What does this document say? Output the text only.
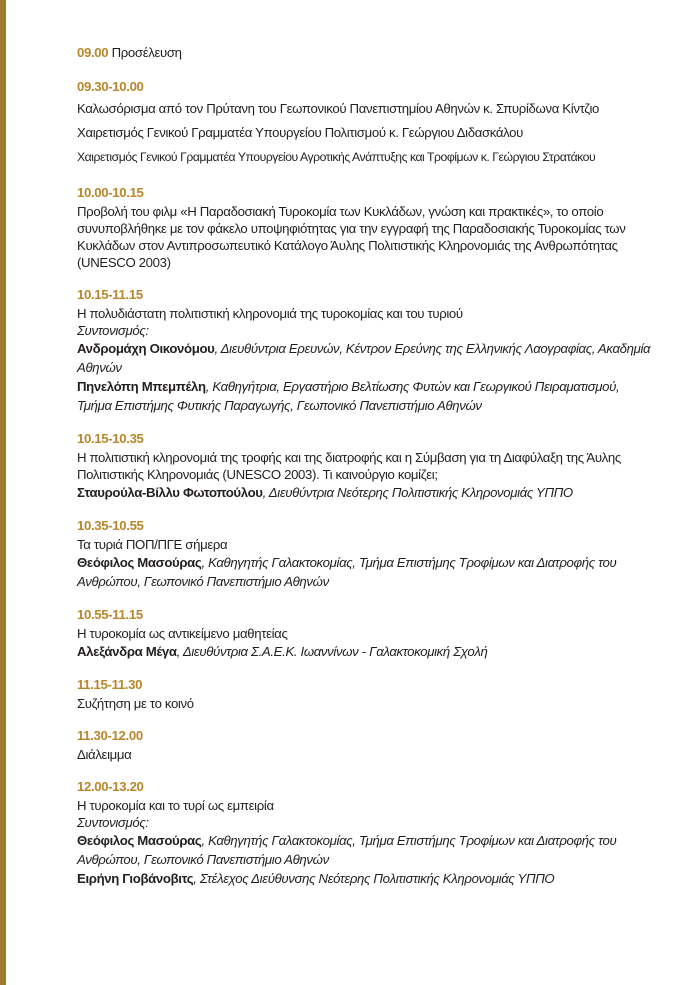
09.00 Προσέλευση
09.30-10.00
Καλωσόρισμα από τον Πρύτανη του Γεωπονικού Πανεπιστημίου Αθηνών κ. Σπυρίδωνα Κίντζιο
Χαιρετισμός Γενικού Γραμματέα Υπουργείου Πολιτισμού κ. Γεώργιου Διδασκάλου
Χαιρετισμός Γενικού Γραμματέα Υπουργείου Αγροτικής Ανάπτυξης και Τροφίμων κ. Γεώργιου Στρατάκου
10.00-10.15
Προβολή του φιλμ «Η Παραδοσιακή Τυροκομία των Κυκλάδων, γνώση και πρακτικές», το οποίο συνυποβλήθηκε με τον φάκελο υποψηφιότητας για την εγγραφή της Παραδοσιακής Τυροκομίας των Κυκλάδων στον Αντιπροσωπευτικό Κατάλογο Άυλης Πολιτιστικής Κληρονομιάς της Ανθρωπότητας (UNESCO 2003)
10.15-11.15
Η πολυδιάστατη πολιτιστική κληρονομιά της τυροκομίας και του τυριού
Συντονισμός:
Ανδρομάχη Οικονόμου, Διευθύντρια Ερευνών, Κέντρον Ερεύνης της Ελληνικής Λαογραφίας, Ακαδημία Αθηνών
Πηνελόπη Μπεμπέλη, Καθηγήτρια, Εργαστήριο Βελτίωσης Φυτών και Γεωργικού Πειραματισμού, Τμήμα Επιστήμης Φυτικής Παραγωγής, Γεωπονικό Πανεπιστήμιο Αθηνών
10.15-10.35
Η πολιτιστική κληρονομιά της τροφής και της διατροφής και η Σύμβαση για τη Διαφύλαξη της Άυλης Πολιτιστικής Κληρονομιάς (UNESCO 2003). Τι καινούργιο κομίζει;
Σταυρούλα-Βίλλυ Φωτοπούλου, Διευθύντρια Νεότερης Πολιτιστικής Κληρονομιάς ΥΠΠΟ
10.35-10.55
Τα τυριά ΠΟΠ/ΠΓΕ σήμερα
Θεόφιλος Μασούρας, Καθηγητής Γαλακτοκομίας, Τμήμα Επιστήμης Τροφίμων και Διατροφής του Ανθρώπου, Γεωπονικό Πανεπιστήμιο Αθηνών
10.55-11.15
Η τυροκομία ως αντικείμενο μαθητείας
Αλεξάνδρα Μέγα, Διευθύντρια Σ.Α.Ε.Κ. Ιωαννίνων - Γαλακτοκομική Σχολή
11.15-11.30
Συζήτηση με το κοινό
11.30-12.00
Διάλειμμα
12.00-13.20
Η τυροκομία και το τυρί ως εμπειρία
Συντονισμός:
Θεόφιλος Μασούρας, Καθηγητής Γαλακτοκομίας, Τμήμα Επιστήμης Τροφίμων και Διατροφής του Ανθρώπου, Γεωπονικό Πανεπιστήμιο Αθηνών
Ειρήνη Γιοβάνοβιτς, Στέλεχος Διεύθυνσης Νεότερης Πολιτιστικής Κληρονομιάς ΥΠΠΟ
